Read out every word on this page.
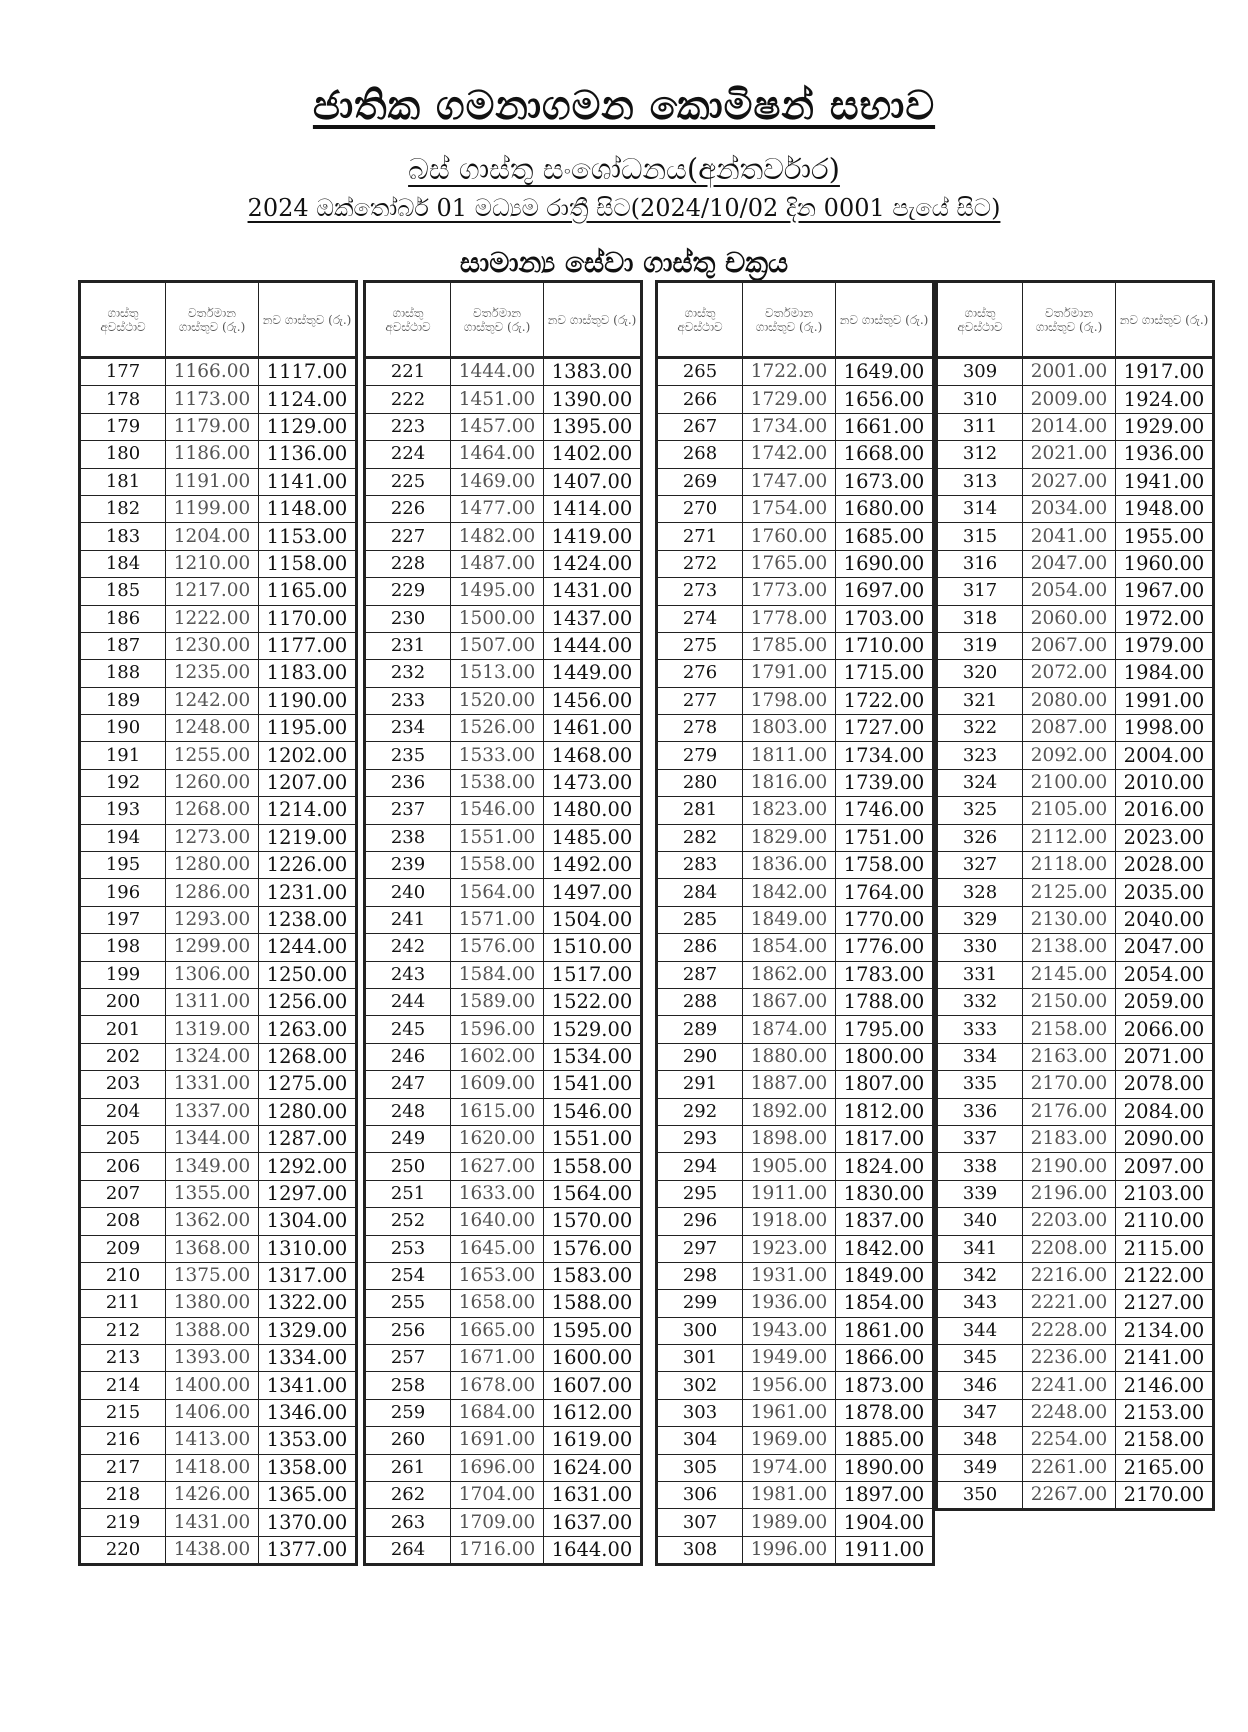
ජාතික ගමනාගමන කොමිෂන් සභාව
බස් ගාස්තු සංශෝධනය(අන්තර්වාර)
2024 ඔක්තෝබර් 01 මධ්‍යම රාත්‍රී සිට(2024/10/02 දින 0001 පැයේ සිට)
සාමාන්‍ය සේවා ගාස්තු චක්‍රය
ගාස්තු අවස්ථාව	වර්තමාන ගාස්තුව (රු.)	නව ගාස්තුව (රු.)
177	1166.00	1117.00
178	1173.00	1124.00
179	1179.00	1129.00
180	1186.00	1136.00
181	1191.00	1141.00
182	1199.00	1148.00
183	1204.00	1153.00
184	1210.00	1158.00
185	1217.00	1165.00
186	1222.00	1170.00
187	1230.00	1177.00
188	1235.00	1183.00
189	1242.00	1190.00
190	1248.00	1195.00
191	1255.00	1202.00
192	1260.00	1207.00
193	1268.00	1214.00
194	1273.00	1219.00
195	1280.00	1226.00
196	1286.00	1231.00
197	1293.00	1238.00
198	1299.00	1244.00
199	1306.00	1250.00
200	1311.00	1256.00
201	1319.00	1263.00
202	1324.00	1268.00
203	1331.00	1275.00
204	1337.00	1280.00
205	1344.00	1287.00
206	1349.00	1292.00
207	1355.00	1297.00
208	1362.00	1304.00
209	1368.00	1310.00
210	1375.00	1317.00
211	1380.00	1322.00
212	1388.00	1329.00
213	1393.00	1334.00
214	1400.00	1341.00
215	1406.00	1346.00
216	1413.00	1353.00
217	1418.00	1358.00
218	1426.00	1365.00
219	1431.00	1370.00
220	1438.00	1377.00
ගාස්තු අවස්ථාව	වර්තමාන ගාස්තුව (රු.)	නව ගාස්තුව (රු.)
221	1444.00	1383.00
222	1451.00	1390.00
223	1457.00	1395.00
224	1464.00	1402.00
225	1469.00	1407.00
226	1477.00	1414.00
227	1482.00	1419.00
228	1487.00	1424.00
229	1495.00	1431.00
230	1500.00	1437.00
231	1507.00	1444.00
232	1513.00	1449.00
233	1520.00	1456.00
234	1526.00	1461.00
235	1533.00	1468.00
236	1538.00	1473.00
237	1546.00	1480.00
238	1551.00	1485.00
239	1558.00	1492.00
240	1564.00	1497.00
241	1571.00	1504.00
242	1576.00	1510.00
243	1584.00	1517.00
244	1589.00	1522.00
245	1596.00	1529.00
246	1602.00	1534.00
247	1609.00	1541.00
248	1615.00	1546.00
249	1620.00	1551.00
250	1627.00	1558.00
251	1633.00	1564.00
252	1640.00	1570.00
253	1645.00	1576.00
254	1653.00	1583.00
255	1658.00	1588.00
256	1665.00	1595.00
257	1671.00	1600.00
258	1678.00	1607.00
259	1684.00	1612.00
260	1691.00	1619.00
261	1696.00	1624.00
262	1704.00	1631.00
263	1709.00	1637.00
264	1716.00	1644.00
ගාස්තු අවස්ථාව	වර්තමාන ගාස්තුව (රු.)	නව ගාස්තුව (රු.)
265	1722.00	1649.00
266	1729.00	1656.00
267	1734.00	1661.00
268	1742.00	1668.00
269	1747.00	1673.00
270	1754.00	1680.00
271	1760.00	1685.00
272	1765.00	1690.00
273	1773.00	1697.00
274	1778.00	1703.00
275	1785.00	1710.00
276	1791.00	1715.00
277	1798.00	1722.00
278	1803.00	1727.00
279	1811.00	1734.00
280	1816.00	1739.00
281	1823.00	1746.00
282	1829.00	1751.00
283	1836.00	1758.00
284	1842.00	1764.00
285	1849.00	1770.00
286	1854.00	1776.00
287	1862.00	1783.00
288	1867.00	1788.00
289	1874.00	1795.00
290	1880.00	1800.00
291	1887.00	1807.00
292	1892.00	1812.00
293	1898.00	1817.00
294	1905.00	1824.00
295	1911.00	1830.00
296	1918.00	1837.00
297	1923.00	1842.00
298	1931.00	1849.00
299	1936.00	1854.00
300	1943.00	1861.00
301	1949.00	1866.00
302	1956.00	1873.00
303	1961.00	1878.00
304	1969.00	1885.00
305	1974.00	1890.00
306	1981.00	1897.00
307	1989.00	1904.00
308	1996.00	1911.00
ගාස්තු අවස්ථාව	වර්තමාන ගාස්තුව (රු.)	නව ගාස්තුව (රු.)
309	2001.00	1917.00
310	2009.00	1924.00
311	2014.00	1929.00
312	2021.00	1936.00
313	2027.00	1941.00
314	2034.00	1948.00
315	2041.00	1955.00
316	2047.00	1960.00
317	2054.00	1967.00
318	2060.00	1972.00
319	2067.00	1979.00
320	2072.00	1984.00
321	2080.00	1991.00
322	2087.00	1998.00
323	2092.00	2004.00
324	2100.00	2010.00
325	2105.00	2016.00
326	2112.00	2023.00
327	2118.00	2028.00
328	2125.00	2035.00
329	2130.00	2040.00
330	2138.00	2047.00
331	2145.00	2054.00
332	2150.00	2059.00
333	2158.00	2066.00
334	2163.00	2071.00
335	2170.00	2078.00
336	2176.00	2084.00
337	2183.00	2090.00
338	2190.00	2097.00
339	2196.00	2103.00
340	2203.00	2110.00
341	2208.00	2115.00
342	2216.00	2122.00
343	2221.00	2127.00
344	2228.00	2134.00
345	2236.00	2141.00
346	2241.00	2146.00
347	2248.00	2153.00
348	2254.00	2158.00
349	2261.00	2165.00
350	2267.00	2170.00
